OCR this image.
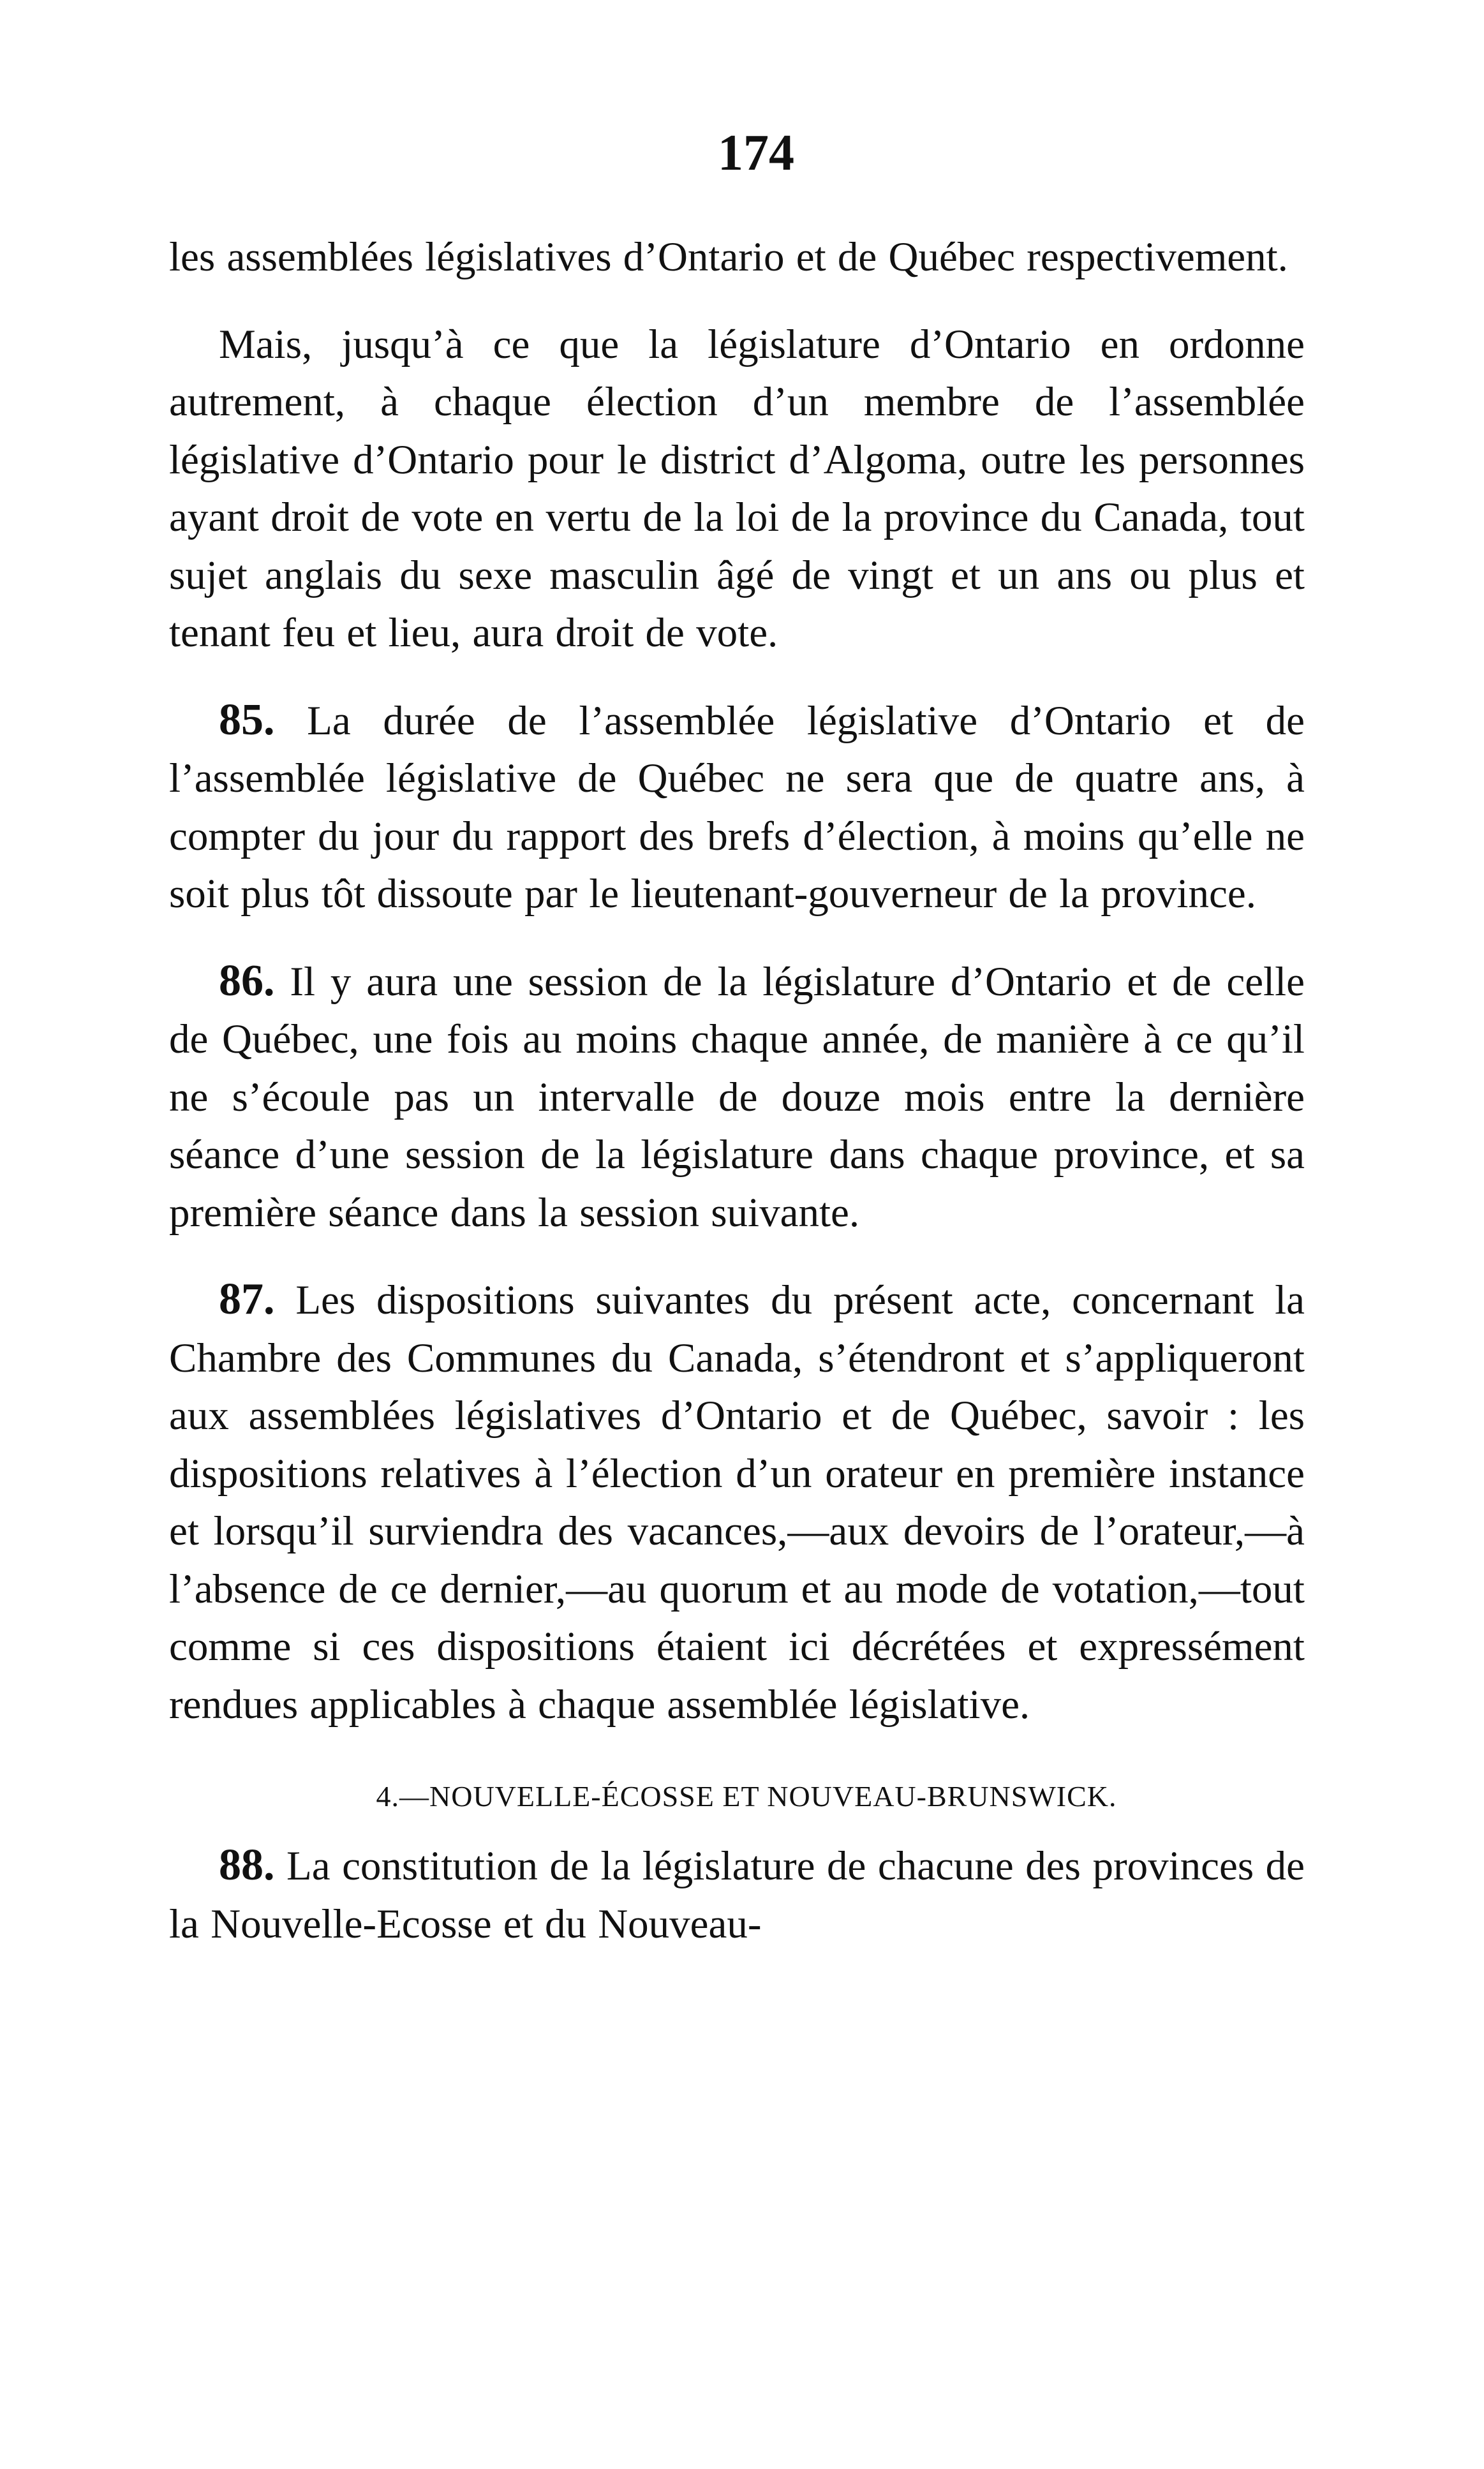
174

les assemblées législatives d’Ontario et de Québec respectivement.

Mais, jusqu’à ce que la législature d’Ontario en ordonne autrement, à chaque élection d’un membre de l’assemblée législative d’Ontario pour le district d’Algoma, outre les personnes ayant droit de vote en vertu de la loi de la province du Canada, tout sujet anglais du sexe masculin âgé de vingt et un ans ou plus et tenant feu et lieu, aura droit de vote.

85. La durée de l’assemblée législative d’Ontario et de l’assemblée législative de Québec ne sera que de quatre ans, à compter du jour du rapport des brefs d’élection, à moins qu’elle ne soit plus tôt dissoute par le lieutenant-gouverneur de la province.

86. Il y aura une session de la législature d’Ontario et de celle de Québec, une fois au moins chaque année, de manière à ce qu’il ne s’écoule pas un intervalle de douze mois entre la dernière séance d’une session de la législature dans chaque province, et sa première séance dans la session suivante.

87. Les dispositions suivantes du présent acte, concernant la Chambre des Communes du Canada, s’étendront et s’appliqueront aux assemblées législatives d’Ontario et de Québec, savoir : les dispositions relatives à l’élection d’un orateur en première instance et lorsqu’il surviendra des vacances,—aux devoirs de l’orateur,—à l’absence de ce dernier,—au quorum et au mode de votation,—tout comme si ces dispositions étaient ici décrétées et expressément rendues applicables à chaque assemblée législative.

4.—NOUVELLE-ÉCOSSE ET NOUVEAU-BRUNSWICK.

88. La constitution de la législature de chacune des provinces de la Nouvelle-Ecosse et du Nouveau-
